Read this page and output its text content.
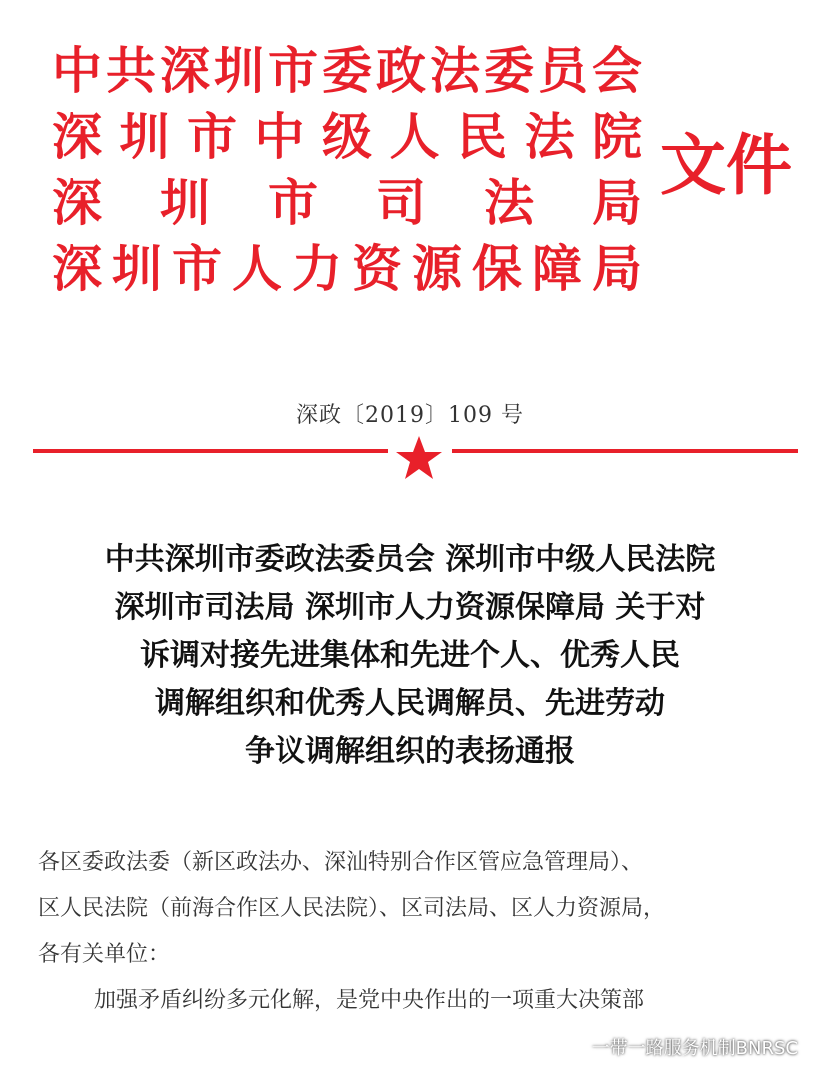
中 共 深 圳 市 委 政 法 委 员 会
深 圳 市 中 级 人 民 法 院
深 圳 市 司 法 局
深 圳 市 人 力 资 源 保 障 局
文件
深政〔2019〕109 号
中共深圳市委政法委员会 深圳市中级人民法院
深圳市司法局 深圳市人力资源保障局 关于对
诉调对接先进集体和先进个人、优秀人民
调解组织和优秀人民调解员、先进劳动
争议调解组织的表扬通报

各区委政法委（新区政法办、深汕特别合作区管应急管理局）、

区人民法院（前海合作区人民法院）、区司法局、区人力资源局，

各有关单位：

加强矛盾纠纷多元化解，是党中央作出的一项重大决策部

一带一路服务机制BNRSC
